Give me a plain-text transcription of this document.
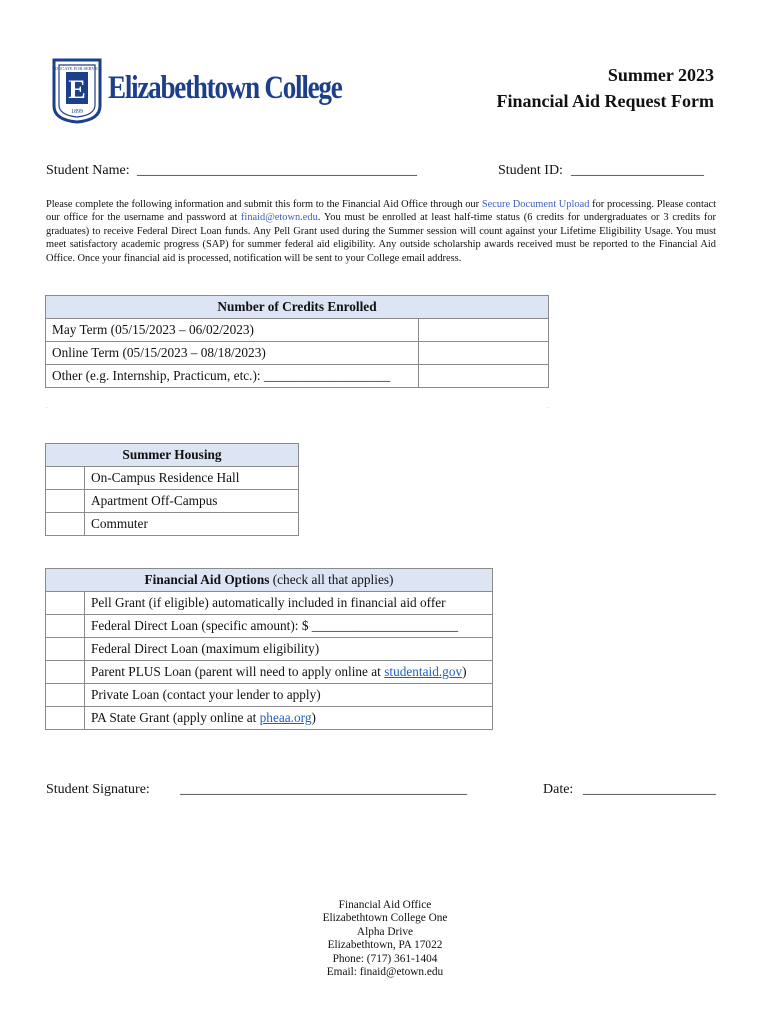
E
EDUCATE FOR SERVICE
1899
Elizabethtown College	Summer 2023
Financial Aid Request Form
Student Name: ________________________________________	Student ID: ___________________
Please complete the following information and submit this form to the Financial Aid Office through our Secure Document Upload for processing. Please contact our office for the username and password at finaid@etown.edu. You must be enrolled at least half-time status (6 credits for undergraduates or 3 credits for graduates) to receive Federal Direct Loan funds. Any Pell Grant used during the Summer session will count against your Lifetime Eligibility Usage. You must meet satisfactory academic progress (SAP) for summer federal aid eligibility. Any outside scholarship awards received must be reported to the Financial Aid Office. Once your financial aid is processed, notification will be sent to your College email address.
Number of Credits Enrolled	
May Term (05/15/2023 – 06/02/2023)	
Online Term (05/15/2023 – 08/18/2023)	
Other (e.g. Internship, Practicum, etc.): ___________________	
.	.
Summer Housing	
	On-Campus Residence Hall
	Apartment Off-Campus
	Commuter
Financial Aid Options (check all that applies)	
	Pell Grant (if eligible) automatically included in financial aid offer
	Federal Direct Loan (specific amount): $ ______________________
	Federal Direct Loan (maximum eligibility)
	Parent PLUS Loan (parent will need to apply online at studentaid.gov)
	Private Loan (contact your lender to apply)
	PA State Grant (apply online at pheaa.org)
Student Signature: _________________________________________	Date: ___________________
Financial Aid Office
Elizabethtown College One
Alpha Drive
Elizabethtown, PA 17022
Phone: (717) 361-1404
Email: finaid@etown.edu
